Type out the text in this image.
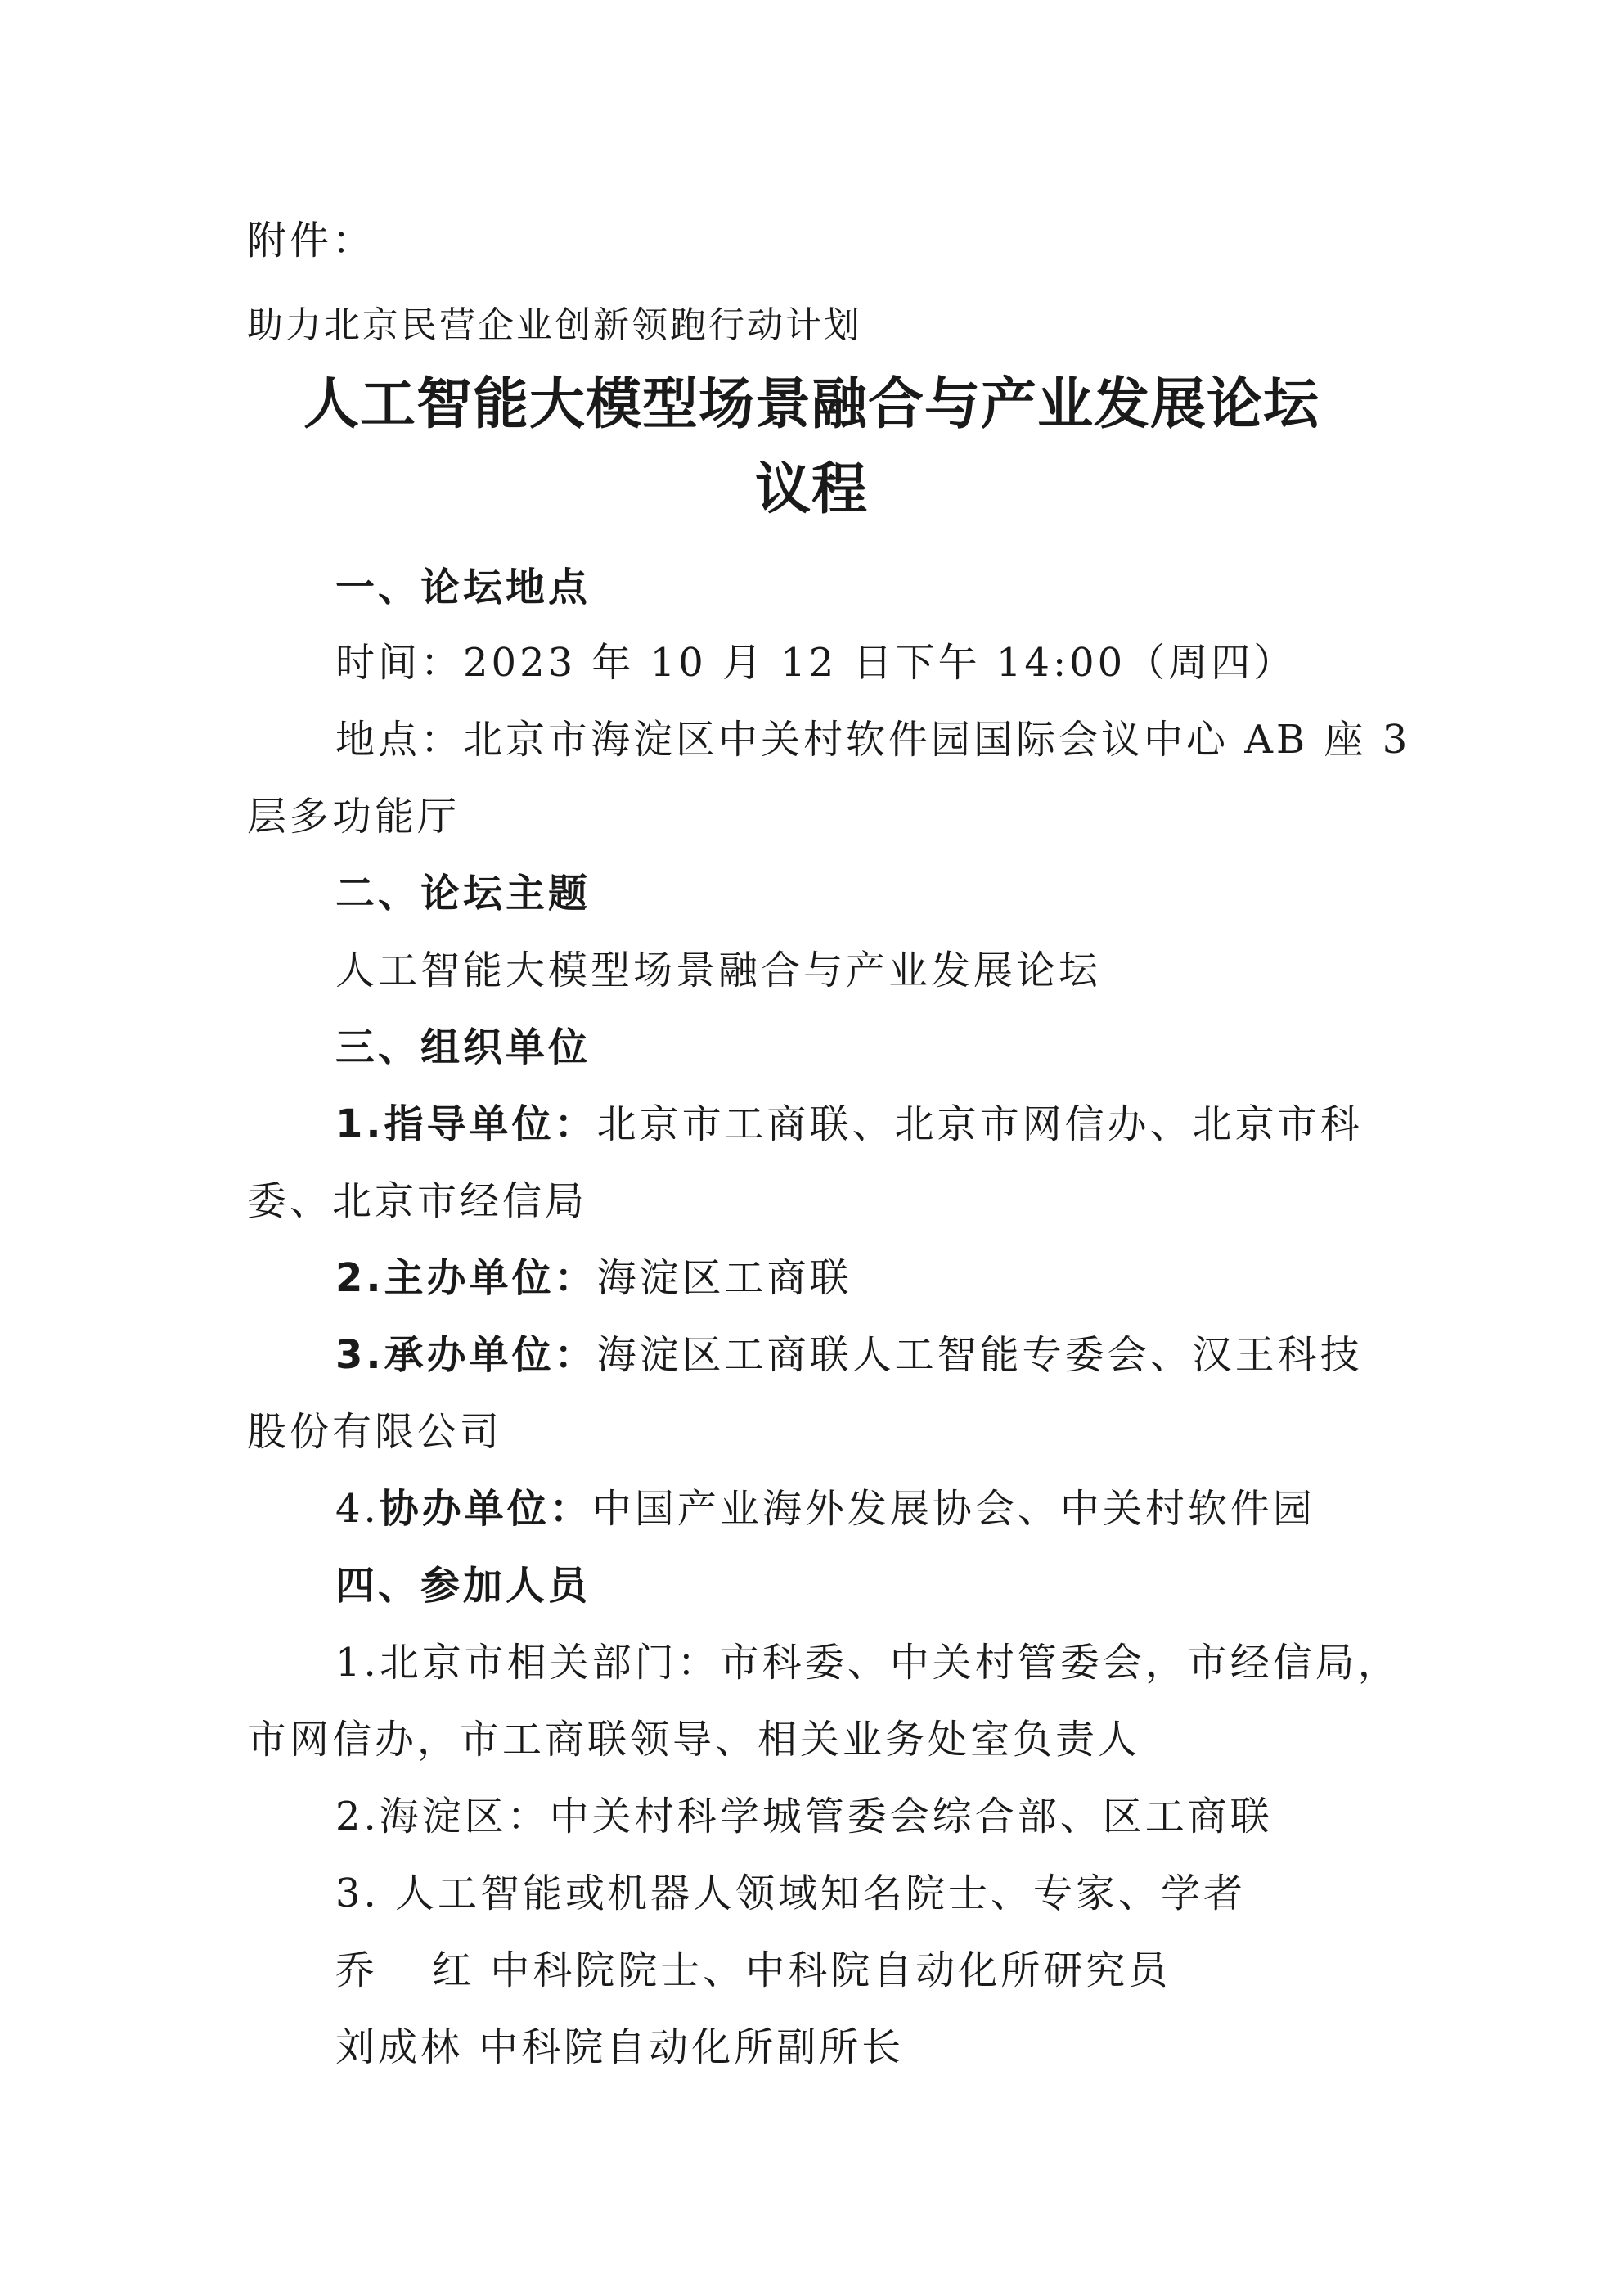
附件：
助力北京民营企业创新领跑行动计划
人工智能大模型场景融合与产业发展论坛
议程
一、论坛地点
时间：2023 年 10 月 12 日下午 14:00（周四）
地点：北京市海淀区中关村软件园国际会议中心 AB 座 3
层多功能厅
二、论坛主题
人工智能大模型场景融合与产业发展论坛
三、组织单位
1.指导单位：北京市工商联、北京市网信办、北京市科
委、北京市经信局
2.主办单位：海淀区工商联
3.承办单位：海淀区工商联人工智能专委会、汉王科技
股份有限公司
4.协办单位：中国产业海外发展协会、中关村软件园
四、参加人员
1.北京市相关部门：市科委、中关村管委会，市经信局，
市网信办，市工商联领导、相关业务处室负责人
2.海淀区：中关村科学城管委会综合部、区工商联
3. 人工智能或机器人领域知名院士、专家、学者
乔 红 中科院院士、中科院自动化所研究员
刘成林 中科院自动化所副所长
